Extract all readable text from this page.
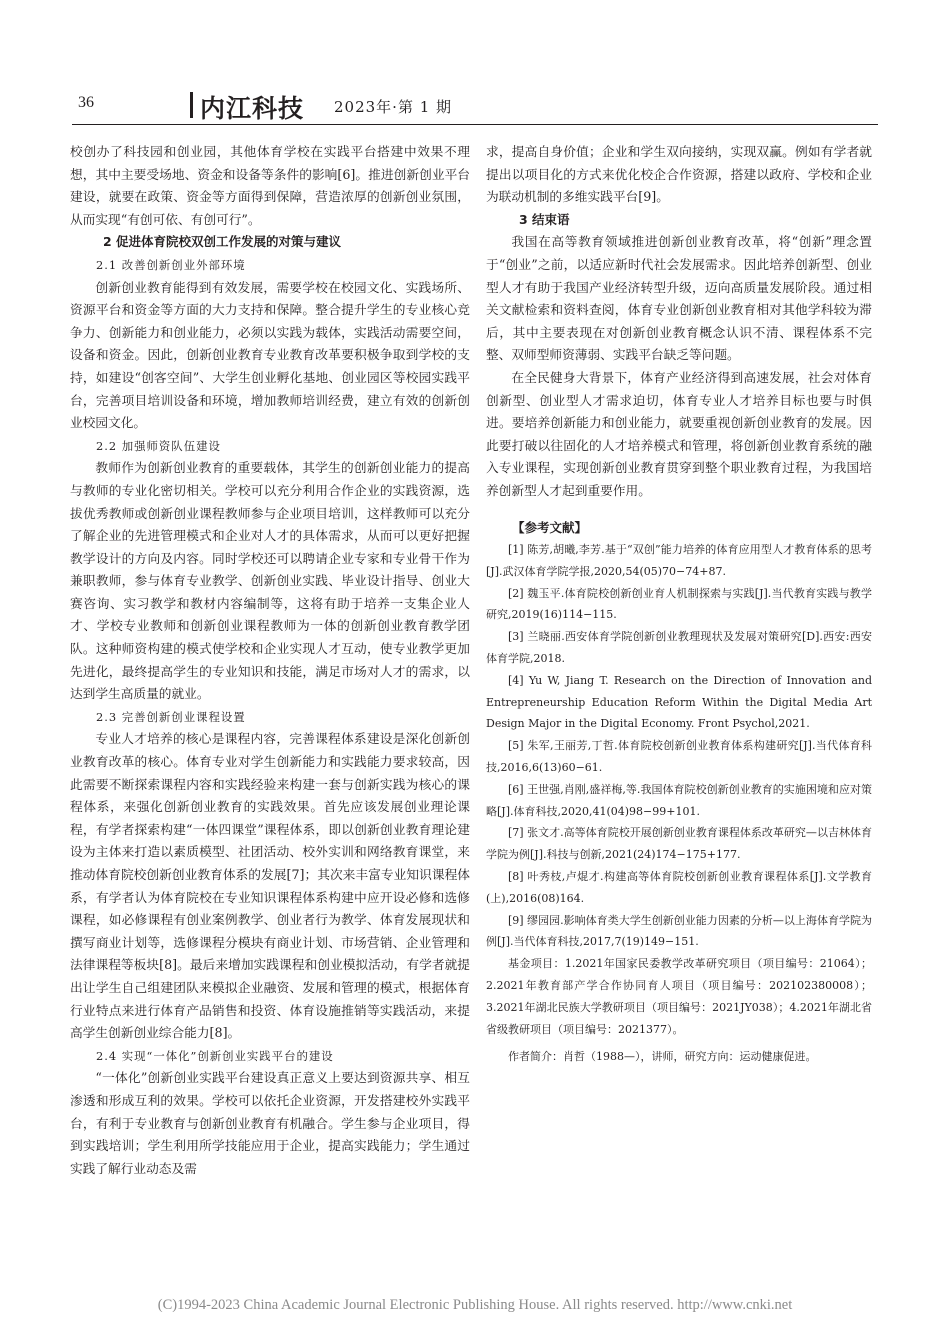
36	内江科技 2023年·第 1 期

校创办了科技园和创业园，其他体育学校在实践平台搭建中效果不理想，其中主要受场地、资金和设备等条件的影响[6]。推进创新创业平台建设，就要在政策、资金等方面得到保障，营造浓厚的创新创业氛围，从而实现“有创可依、有创可行”。

2 促进体育院校双创工作发展的对策与建议

2.1 改善创新创业外部环境

创新创业教育能得到有效发展，需要学校在校园文化、实践场所、资源平台和资金等方面的大力支持和保障。整合提升学生的专业核心竞争力、创新能力和创业能力，必须以实践为载体，实践活动需要空间，设备和资金。因此，创新创业教育专业教育改革要积极争取到学校的支持，如建设“创客空间”、大学生创业孵化基地、创业园区等校园实践平台，完善项目培训设备和环境，增加教师培训经费，建立有效的创新创业校园文化。

2.2 加强师资队伍建设

教师作为创新创业教育的重要载体，其学生的创新创业能力的提高与教师的专业化密切相关。学校可以充分利用合作企业的实践资源，选拔优秀教师或创新创业课程教师参与企业项目培训，这样教师可以充分了解企业的先进管理模式和企业对人才的具体需求，从而可以更好把握教学设计的方向及内容。同时学校还可以聘请企业专家和专业骨干作为兼职教师，参与体育专业教学、创新创业实践、毕业设计指导、创业大赛咨询、实习教学和教材内容编制等，这将有助于培养一支集企业人才、学校专业教师和创新创业课程教师为一体的创新创业教育教学团队。这种师资构建的模式使学校和企业实现人才互动，使专业教学更加先进化，最终提高学生的专业知识和技能，满足市场对人才的需求，以达到学生高质量的就业。

2.3 完善创新创业课程设置

专业人才培养的核心是课程内容，完善课程体系建设是深化创新创业教育改革的核心。体育专业对学生创新能力和实践能力要求较高，因此需要不断探索课程内容和实践经验来构建一套与创新实践为核心的课程体系，来强化创新创业教育的实践效果。首先应该发展创业理论课程，有学者探索构建“一体四课堂”课程体系，即以创新创业教育理论建设为主体来打造以素质模型、社团活动、校外实训和网络教育课堂，来推动体育院校创新创业教育体系的发展[7]；其次来丰富专业知识课程体系，有学者认为体育院校在专业知识课程体系构建中应开设必修和选修课程，如必修课程有创业案例教学、创业者行为教学、体育发展现状和撰写商业计划等，选修课程分模块有商业计划、市场营销、企业管理和法律课程等板块[8]。最后来增加实践课程和创业模拟活动，有学者就提出让学生自己组建团队来模拟企业融资、发展和管理的模式，根据体育行业特点来进行体育产品销售和投资、体育设施推销等实践活动，来提高学生创新创业综合能力[8]。

2.4 实现“一体化”创新创业实践平台的建设

“一体化”创新创业实践平台建设真正意义上要达到资源共享、相互渗透和形成互利的效果。学校可以依托企业资源，开发搭建校外实践平台，有利于专业教育与创新创业教育有机融合。学生参与企业项目，得到实践培训；学生利用所学技能应用于企业，提高实践能力；学生通过实践了解行业动态及需

求，提高自身价值；企业和学生双向接纳，实现双赢。例如有学者就提出以项目化的方式来优化校企合作资源，搭建以政府、学校和企业为联动机制的多维实践平台[9]。

3 结束语

我国在高等教育领域推进创新创业教育改革，将“创新”理念置于“创业”之前，以适应新时代社会发展需求。因此培养创新型、创业型人才有助于我国产业经济转型升级，迈向高质量发展阶段。通过相关文献检索和资料查阅，体育专业创新创业教育相对其他学科较为滞后，其中主要表现在对创新创业教育概念认识不清、课程体系不完整、双师型师资薄弱、实践平台缺乏等问题。

在全民健身大背景下，体育产业经济得到高速发展，社会对体育创新型、创业型人才需求迫切，体育专业人才培养目标也要与时俱进。要培养创新能力和创业能力，就要重视创新创业教育的发展。因此要打破以往固化的人才培养模式和管理，将创新创业教育系统的融入专业课程，实现创新创业教育贯穿到整个职业教育过程，为我国培养创新型人才起到重要作用。

【参考文献】

[1] 陈芳,胡曦,李芳.基于“双创”能力培养的体育应用型人才教育体系的思考[J].武汉体育学院学报,2020,54(05)70−74+87.

[2] 魏玉平.体育院校创新创业育人机制探索与实践[J].当代教育实践与教学研究,2019(16)114−115.

[3] 兰晓丽.西安体育学院创新创业教理现状及发展对策研究[D].西安:西安体育学院,2018.

[4] Yu W, Jiang T. Research on the Direction of Innovation and Entrepreneurship Education Reform Within the Digital Media Art Design Major in the Digital Economy. Front Psychol,2021.

[5] 朱军,王丽芳,丁哲.体育院校创新创业教育体系构建研究[J].当代体育科技,2016,6(13)60−61.

[6] 王世强,肖刚,盛祥梅,等.我国体育院校创新创业教育的实施困境和应对策略[J].体育科技,2020,41(04)98−99+101.

[7] 张文才.高等体育院校开展创新创业教育课程体系改革研究—以吉林体育学院为例[J].科技与创新,2021(24)174−175+177.

[8] 叶秀枝,卢焜才.构建高等体育院校创新创业教育课程体系[J].文学教育(上),2016(08)164.

[9] 缪园园.影响体育类大学生创新创业能力因素的分析—以上海体育学院为例[J].当代体育科技,2017,7(19)149−151.

基金项目：1.2021年国家民委教学改革研究项目（项目编号：21064）；2.2021年教育部产学合作协同育人项目（项目编号：202102380008）；3.2021年湖北民族大学教研项目（项目编号：2021JY038）；4.2021年湖北省省级教研项目（项目编号：2021377）。

作者简介：肖哲（1988—），讲师，研究方向：运动健康促进。

(C)1994-2023 China Academic Journal Electronic Publishing House. All rights reserved. http://www.cnki.net
